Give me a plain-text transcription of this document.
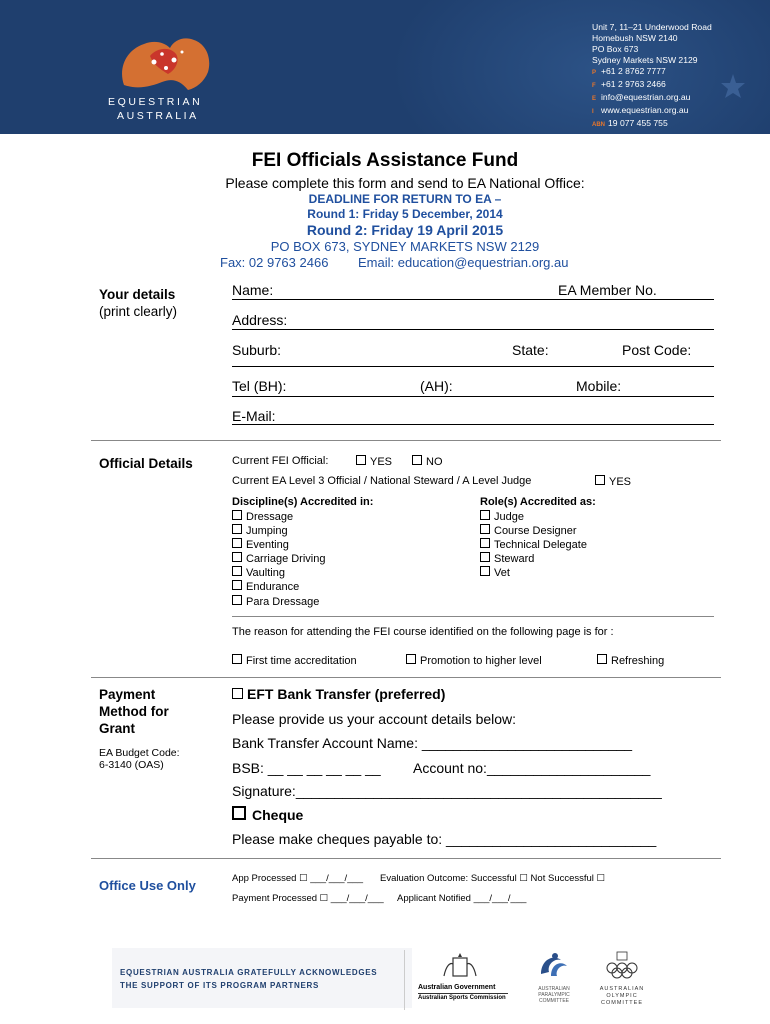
EQUESTRIAN
AUSTRALIA
Unit 7, 11–21 Underwood Road
Homebush NSW 2140
PO Box 673
Sydney Markets NSW 2129
P +61 2 8762 7777
F +61 2 9763 2466
E info@equestrian.org.au
I www.equestrian.org.au
ABN 19 077 455 755
FEI Officials Assistance Fund
Please complete this form and send to EA National Office:
DEADLINE FOR RETURN TO EA –
Round 1: Friday 5 December, 2014
Round 2: Friday 19 April 2015
PO BOX 673, SYDNEY MARKETS NSW 2129
Fax: 02 9763 2466 Email: education@equestrian.org.au
Your details
(print clearly)
Name:	EA Member No.
Address:
Suburb:	State:	Post Code:
Tel (BH):	(AH):	Mobile:
E-Mail:
Official Details	Current FEI Official:	YES	NO
Current EA Level 3 Official / National Steward / A Level Judge	YES
Discipline(s) Accredited in:
Dressage
Jumping
Eventing
Carriage Driving
Vaulting
Endurance
Para Dressage
Role(s) Accredited as:
Judge
Course Designer
Technical Delegate
Steward
Vet
The reason for attending the FEI course identified on the following page is for :
First time accreditation	Promotion to higher level	Refreshing
Payment
Method for
Grant
EA Budget Code:
6-3140 (OAS)
EFT Bank Transfer (preferred)
Please provide us your account details below:
Bank Transfer Account Name: ___________________________
BSB: __ __ __ __ __ __ Account no:_____________________
Signature:_______________________________________________
Cheque
Please make cheques payable to: ___________________________
Office Use Only	App Processed ☐ ___/___/___ Evaluation Outcome: Successful ☐ Not Successful ☐
Payment Processed ☐ ___/___/___ Applicant Notified ___/___/___
EQUESTRIAN AUSTRALIA GRATEFULLY ACKNOWLEDGES
THE SUPPORT OF ITS PROGRAM PARTNERS	Australian Government
Australian Sports Commission
AUSTRALIAN
PARALYMPIC
COMMITTEE
AUSTRALIAN
OLYMPIC
COMMITTEE
